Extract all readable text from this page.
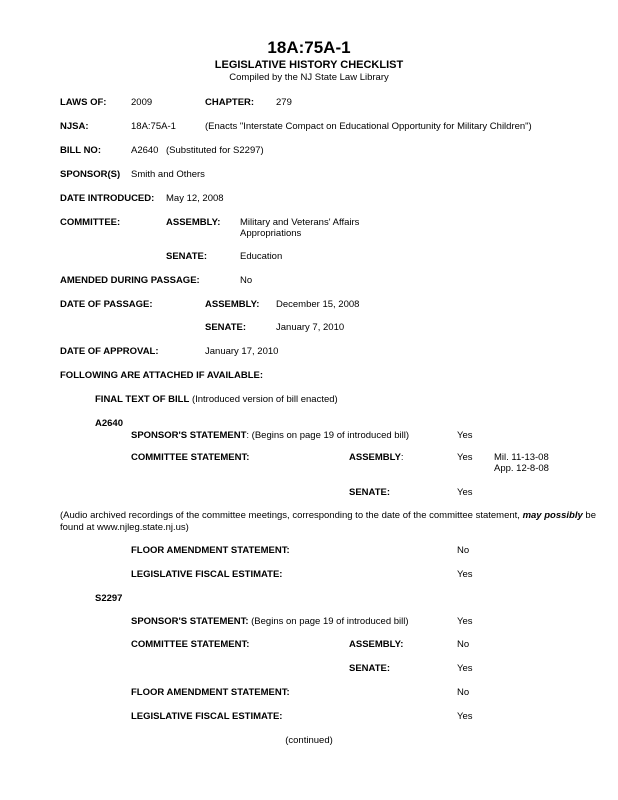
18A:75A-1
LEGISLATIVE HISTORY CHECKLIST
Compiled by the NJ State Law Library
LAWS OF:	2009	CHAPTER: 279
NJSA:	18A:75A-1	(Enacts "Interstate Compact on Educational Opportunity for Military Children")
BILL NO:	A2640 (Substituted for S2297)
SPONSOR(S) Smith and Others
DATE INTRODUCED: May 12, 2008
COMMITTEE:	ASSEMBLY: Military and Veterans' Affairs
Appropriations
SENATE:	Education
AMENDED DURING PASSAGE:	No
DATE OF PASSAGE:	ASSEMBLY: December 15, 2008
SENATE:	January 7, 2010
DATE OF APPROVAL:	January 17, 2010
FOLLOWING ARE ATTACHED IF AVAILABLE:
FINAL TEXT OF BILL (Introduced version of bill enacted)
A2640
SPONSOR'S STATEMENT: (Begins on page 19 of introduced bill)	Yes
COMMITTEE STATEMENT:	ASSEMBLY:	Yes Mil. 11-13-08
App. 12-8-08
SENATE:	Yes
(Audio archived recordings of the committee meetings, corresponding to the date of the committee statement, may possibly be found at www.njleg.state.nj.us)
FLOOR AMENDMENT STATEMENT:	No
LEGISLATIVE FISCAL ESTIMATE:	Yes
S2297
SPONSOR'S STATEMENT: (Begins on page 19 of introduced bill)	Yes
COMMITTEE STATEMENT:	ASSEMBLY:	No
SENATE:	Yes
FLOOR AMENDMENT STATEMENT:	No
LEGISLATIVE FISCAL ESTIMATE:	Yes
(continued)
